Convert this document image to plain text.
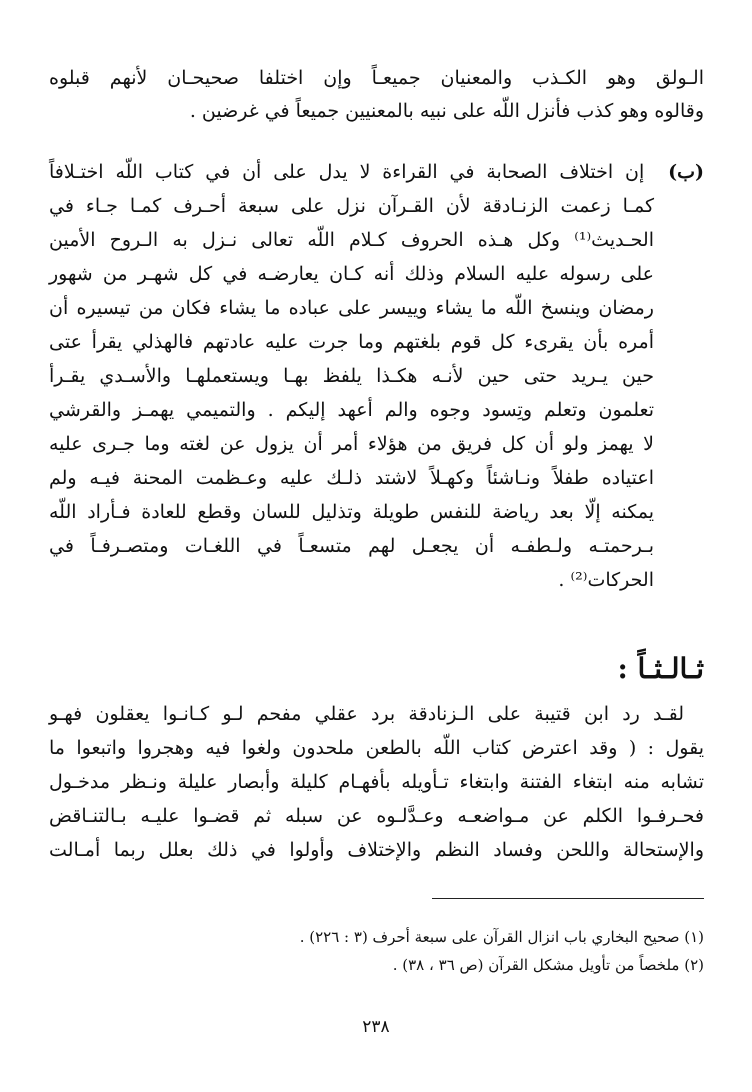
الـولق وهو الكـذب والمعنيان جميعـاً وإن اختلفا صحيحـان لأنهم قبلوه
وقالوه وهو كذب فأنزل اللّه على نبيه بالمعنيين جميعاً في غرضين .
(ب)  إن اختلاف الصحابة في القراءة لا يدل على أن في كتاب اللّه اختـلافاً
كمـا زعمت الزنـادقة لأن القـرآن نزل على سبعة أحـرف كمـا جـاء في
الحـديث⁽¹⁾ وكل هـذه الحروف كـلام اللّه تعالى نـزل به الـروح الأمين
على رسوله عليه السلام وذلك أنه كـان يعارضـه في كل شهـر من شهور
رمضان وينسخ اللّه ما يشاء وييسر على عباده ما يشاء فكان من تيسيره أن
أمره بأن يقرىء كل قوم بلغتهم وما جرت عليه عادتهم فالهذلي يقرأ عتى
حين يـريد حتى حين لأنـه هكـذا يلفظ بهـا ويستعملهـا والأسـدي يقـرأ
تعلمون وتعلم وتِسود وجوه والم أعهد إليكم . والتميمي يهمـز والقرشي
لا يهمز ولو أن كل فريق من هؤلاء أمر أن يزول عن لغته وما جـرى عليه
اعتياده طفلاً ونـاشئاً وكهـلاً لاشتد ذلـك عليه وعـظمت المحنة فيـه ولم
يمكنه إلّا بعد رياضة للنفس طويلة وتذليل للسان وقطع للعادة فـأراد اللّه
بـرحمتـه ولـطفـه أن يجعـل لهم متسعـاً في اللغـات ومتصـرفـاً في
الحركات⁽²⁾ .
ثـالـثـاً :
لقـد رد ابن قتيبة على الـزنادقة برد عقلي مفحم لـو كـانـوا يعقلون فهـو
يقول : ( وقد اعترض كتاب اللّه بالطعن ملحدون ولغوا فيه وهجروا واتبعوا ما
تشابه منه ابتغاء الفتنة وابتغاء تـأويله بأفهـام كليلة وأبصار عليلة ونـظر مدخـول
فحـرفـوا الكلم عن مـواضعـه وعـدَّلـوه عن سبله ثم قضـوا عليـه بـالتنـاقض
والإستحالة واللحن وفساد النظم والإختلاف وأولوا في ذلك بعلل ربما أمـالت
(١) صحيح البخاري باب انزال القرآن على سبعة أحرف (٣ : ٢٢٦) .
(٢) ملخصاً من تأويل مشكل القرآن (ص ٣٦ ، ٣٨) .
٢٣٨
